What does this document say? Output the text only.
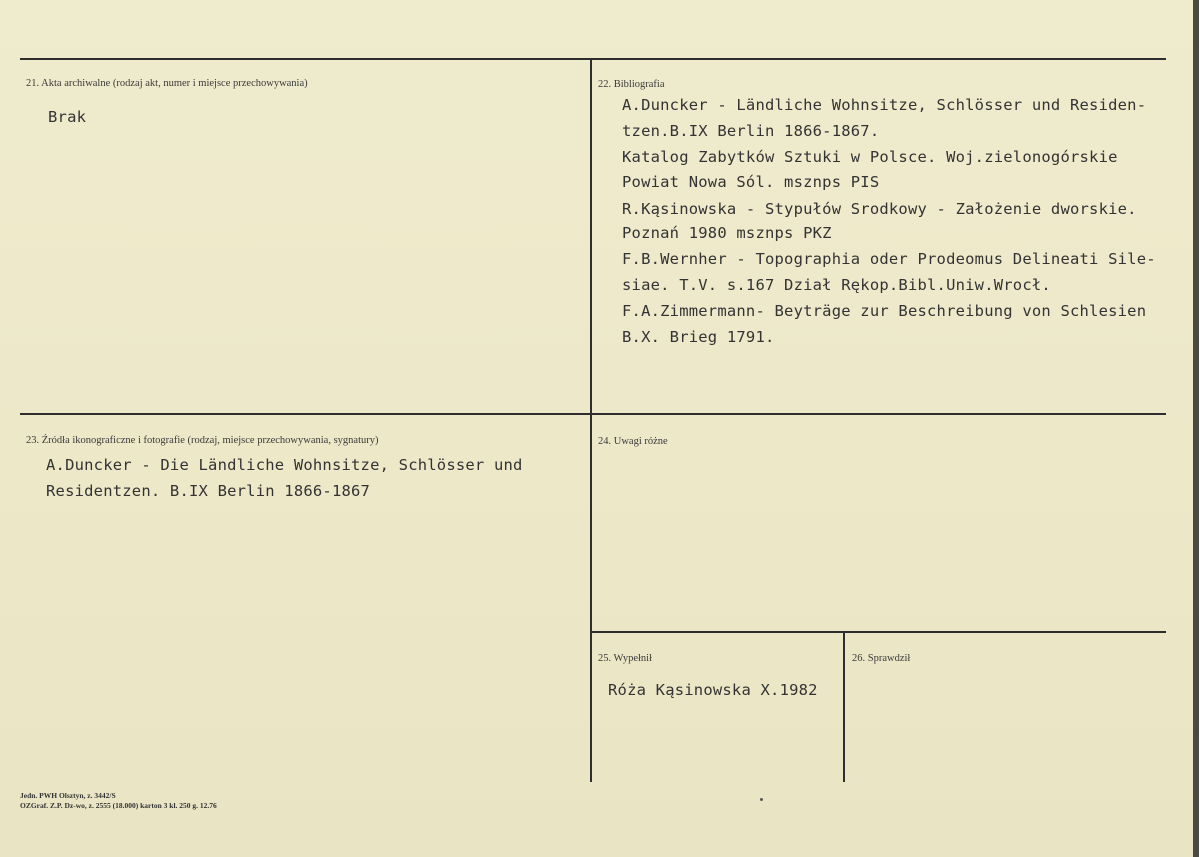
21. Akta archiwalne (rodzaj akt, numer i miejsce przechowywania)
Brak
22. Bibliografia
A.Duncker - Ländliche Wohnsitze, Schlösser und Residen-
tzen.B.IX Berlin 1866-1867.
Katalog Zabytków Sztuki w Polsce. Woj.zielonogórskie
Powiat Nowa Sól. msznps PIS
R.Kąsinowska - Stypułów Srodkowy - Założenie dworskie.
Poznań 1980 msznps PKZ
F.B.Wernher - Topographia oder Prodeomus Delineati Sile-
siae. T.V. s.167 Dział Rękop.Bibl.Uniw.Wrocł.
F.A.Zimmermann- Beyträge zur Beschreibung von Schlesien
B.X. Brieg 1791.
23. Źródła ikonograficzne i fotografie (rodzaj, miejsce przechowywania, sygnatury)
A.Duncker - Die Ländliche Wohnsitze, Schlösser und
Residentzen. B.IX Berlin 1866-1867
24. Uwagi różne
25. Wypełnił
Róża Kąsinowska X.1982
26. Sprawdził
Jedn. PWH Olsztyn, z. 3442/S
OZGraf. Z.P. Dz-wo, z. 2555 (18.000) karton 3 kl. 250 g. 12.76
